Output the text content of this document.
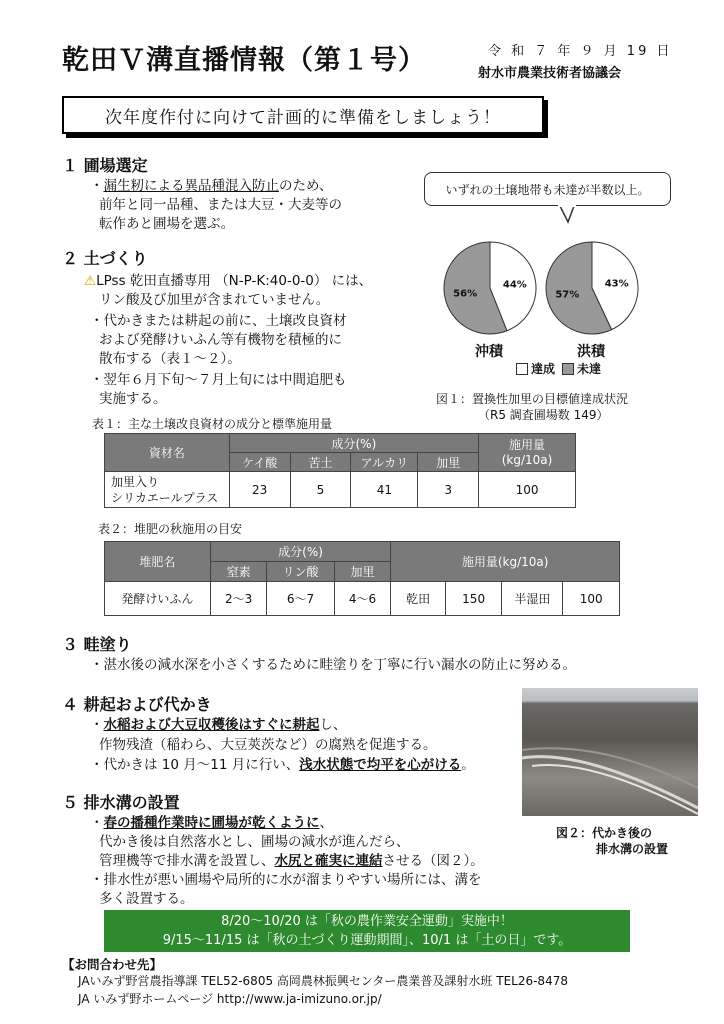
乾田Ｖ溝直播情報（第１号）	令 和 ７ 年 ９ 月 19 日
射水市農業技術者協議会
次年度作付に向けて計画的に準備をしましょう！
１ 圃場選定
・漏生籾による異品種混入防止のため、
前年と同一品種、または大豆・大麦等の
転作あと圃場を選ぶ。
２ 土づくり
⚠LPss 乾田直播専用 （N-P-K:40-0-0） には、
リン酸及び加里が含まれていません。
・代かきまたは耕起の前に、土壌改良資材
および発酵けいふん等有機物を積極的に
散布する（表１～２）。
・翌年６月下旬～７月上旬には中間追肥も
実施する。
いずれの土壌地帯も未達が半数以上。
44%
56%
43%
57%
沖積	洪積
達成 未達
図１：置換性加里の目標値達成状況
（R5 調査圃場数 149）
表１：主な土壌改良資材の成分と標準施用量
資材名	成分(%)				施用量
(kg/10a)
	ケイ酸	苦土	アルカリ	加里	
加里入り
シリカエールプラス	23	5	41	3	100
表２：堆肥の秋施用の目安
堆肥名	成分(%)			施用量(kg/10a)			
	窒素	リン酸	加里				
発酵けいふん	2〜3	6〜7	4〜6	乾田	150	半湿田	100
３ 畦塗り
・湛水後の減水深を小さくするために畦塗りを丁寧に行い漏水の防止に努める。
４ 耕起および代かき
・水稲および大豆収穫後はすぐに耕起し、
作物残渣（稲わら、大豆莢茨など）の腐熟を促進する。
・代かきは 10 月～11 月に行い、浅水状態で均平を心がける。
５ 排水溝の設置
・春の播種作業時に圃場が乾くように、
代かき後は自然落水とし、圃場の減水が進んだら、
管理機等で排水溝を設置し、水尻と確実に連結させる（図２）。
・排水性が悪い圃場や局所的に水が溜まりやすい場所には、溝を
多く設置する。
図２：代かき後の
排水溝の設置
8/20～10/20 は「秋の農作業安全運動」実施中！
9/15～11/15 は「秋の土づくり運動期間」、10/1 は「土の日」です。
【お問合わせ先】
JAいみず野営農指導課 TEL52-6805 高岡農林振興センター農業普及課射水班 TEL26-8478
JA いみず野ホームページ http://www.ja-imizuno.or.jp/
